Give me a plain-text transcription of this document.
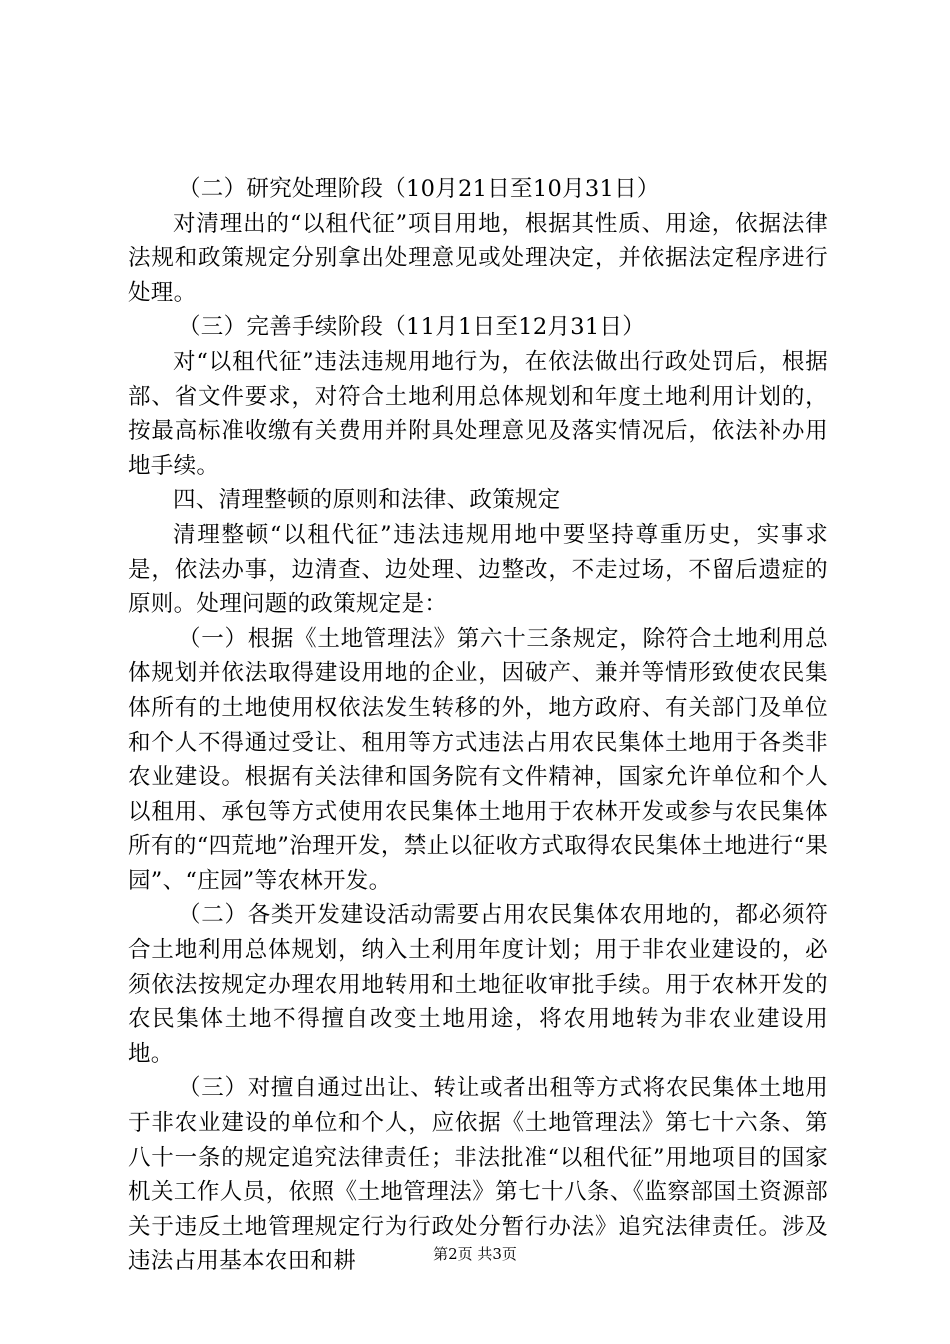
（二）研究处理阶段（10月21日至10月31日）

对清理出的“以租代征”项目用地，根据其性质、用途，依据法律法规和政策规定分别拿出处理意见或处理决定，并依据法定程序进行处理。

（三）完善手续阶段（11月1日至12月31日）

对“以租代征”违法违规用地行为，在依法做出行政处罚后，根据部、省文件要求，对符合土地利用总体规划和年度土地利用计划的，按最高标准收缴有关费用并附具处理意见及落实情况后，依法补办用地手续。

四、清理整顿的原则和法律、政策规定

清理整顿“以租代征”违法违规用地中要坚持尊重历史，实事求是，依法办事，边清查、边处理、边整改，不走过场，不留后遗症的原则。处理问题的政策规定是：

（一）根据《土地管理法》第六十三条规定，除符合土地利用总体规划并依法取得建设用地的企业，因破产、兼并等情形致使农民集体所有的土地使用权依法发生转移的外，地方政府、有关部门及单位和个人不得通过受让、租用等方式违法占用农民集体土地用于各类非农业建设。根据有关法律和国务院有文件精神，国家允许单位和个人以租用、承包等方式使用农民集体土地用于农林开发或参与农民集体所有的“四荒地”治理开发，禁止以征收方式取得农民集体土地进行“果园”、“庄园”等农林开发。

（二）各类开发建设活动需要占用农民集体农用地的，都必须符合土地利用总体规划，纳入土利用年度计划；用于非农业建设的，必须依法按规定办理农用地转用和土地征收审批手续。用于农林开发的农民集体土地不得擅自改变土地用途，将农用地转为非农业建设用地。

（三）对擅自通过出让、转让或者出租等方式将农民集体土地用于非农业建设的单位和个人，应依据《土地管理法》第七十六条、第八十一条的规定追究法律责任；非法批准“以租代征”用地项目的国家机关工作人员，依照《土地管理法》第七十八条、《监察部国土资源部关于违反土地管理规定行为行政处分暂行办法》追究法律责任。涉及违法占用基本农田和耕	第2页 共3页
